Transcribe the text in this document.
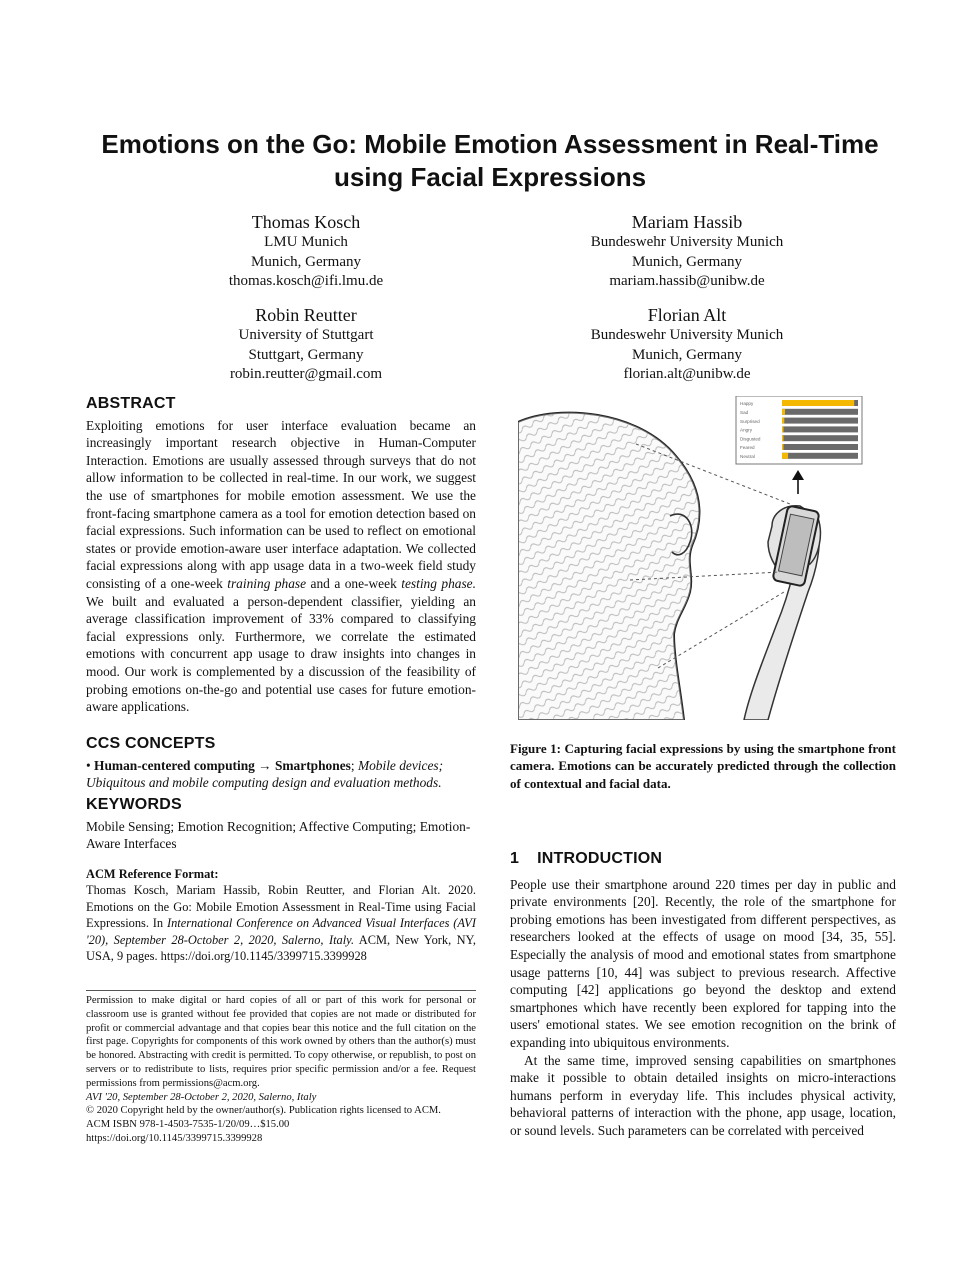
Emotions on the Go: Mobile Emotion Assessment in Real-Time
using Facial Expressions
Thomas Kosch
LMU Munich
Munich, Germany
thomas.kosch@ifi.lmu.de
Mariam Hassib
Bundeswehr University Munich
Munich, Germany
mariam.hassib@unibw.de
Robin Reutter
University of Stuttgart
Stuttgart, Germany
robin.reutter@gmail.com
Florian Alt
Bundeswehr University Munich
Munich, Germany
florian.alt@unibw.de
ABSTRACT

Exploiting emotions for user interface evaluation became an increasingly important research objective in Human-Computer Interaction. Emotions are usually assessed through surveys that do not allow information to be collected in real-time. In our work, we suggest the use of smartphones for mobile emotion assessment. We use the front-facing smartphone camera as a tool for emotion detection based on facial expressions. Such information can be used to reflect on emotional states or provide emotion-aware user interface adaptation. We collected facial expressions along with app usage data in a two-week field study consisting of a one-week training phase and a one-week testing phase. We built and evaluated a person-dependent classifier, yielding an average classification improvement of 33% compared to classifying facial expressions only. Furthermore, we correlate the estimated emotions with concurrent app usage to draw insights into changes in mood. Our work is complemented by a discussion of the feasibility of probing emotions on-the-go and potential use cases for future emotion-aware applications.

CCS CONCEPTS

• Human-centered computing → Smartphones; Mobile devices; Ubiquitous and mobile computing design and evaluation methods.

KEYWORDS

Mobile Sensing; Emotion Recognition; Affective Computing; Emotion-Aware Interfaces

ACM Reference Format:

Thomas Kosch, Mariam Hassib, Robin Reutter, and Florian Alt. 2020. Emotions on the Go: Mobile Emotion Assessment in Real-Time using Facial Expressions. In International Conference on Advanced Visual Interfaces (AVI '20), September 28-October 2, 2020, Salerno, Italy. ACM, New York, NY, USA, 9 pages. https://doi.org/10.1145/3399715.3399928

Permission to make digital or hard copies of all or part of this work for personal or classroom use is granted without fee provided that copies are not made or distributed for profit or commercial advantage and that copies bear this notice and the full citation on the first page. Copyrights for components of this work owned by others than the author(s) must be honored. Abstracting with credit is permitted. To copy otherwise, or republish, to post on servers or to redistribute to lists, requires prior specific permission and/or a fee. Request permissions from permissions@acm.org.

AVI '20, September 28-October 2, 2020, Salerno, Italy
© 2020 Copyright held by the owner/author(s). Publication rights licensed to ACM.
ACM ISBN 978-1-4503-7535-1/20/09…$15.00
https://doi.org/10.1145/3399715.3399928
Happy
Sad
Surprised
Angry
Disgusted
Feared
Neutral
Figure 1: Capturing facial expressions by using the smartphone front camera. Emotions can be accurately predicted through the collection of contextual and facial data.
1 INTRODUCTION

People use their smartphone around 220 times per day in public and private environments [20]. Recently, the role of the smartphone for probing emotions has been investigated from different perspectives, as researchers looked at the effects of usage on mood [34, 35, 55]. Especially the analysis of mood and emotional states from smartphone usage patterns [10, 44] was subject to previous research. Affective computing [42] applications go beyond the desktop and extend smartphones which have recently been explored for tapping into the users' emotional states. We see emotion recognition on the brink of expanding into ubiquitous environments.

At the same time, improved sensing capabilities on smartphones make it possible to obtain detailed insights on micro-interactions humans perform in everyday life. This includes physical activity, behavioral patterns of interaction with the phone, app usage, location, or sound levels. Such parameters can be correlated with perceived
